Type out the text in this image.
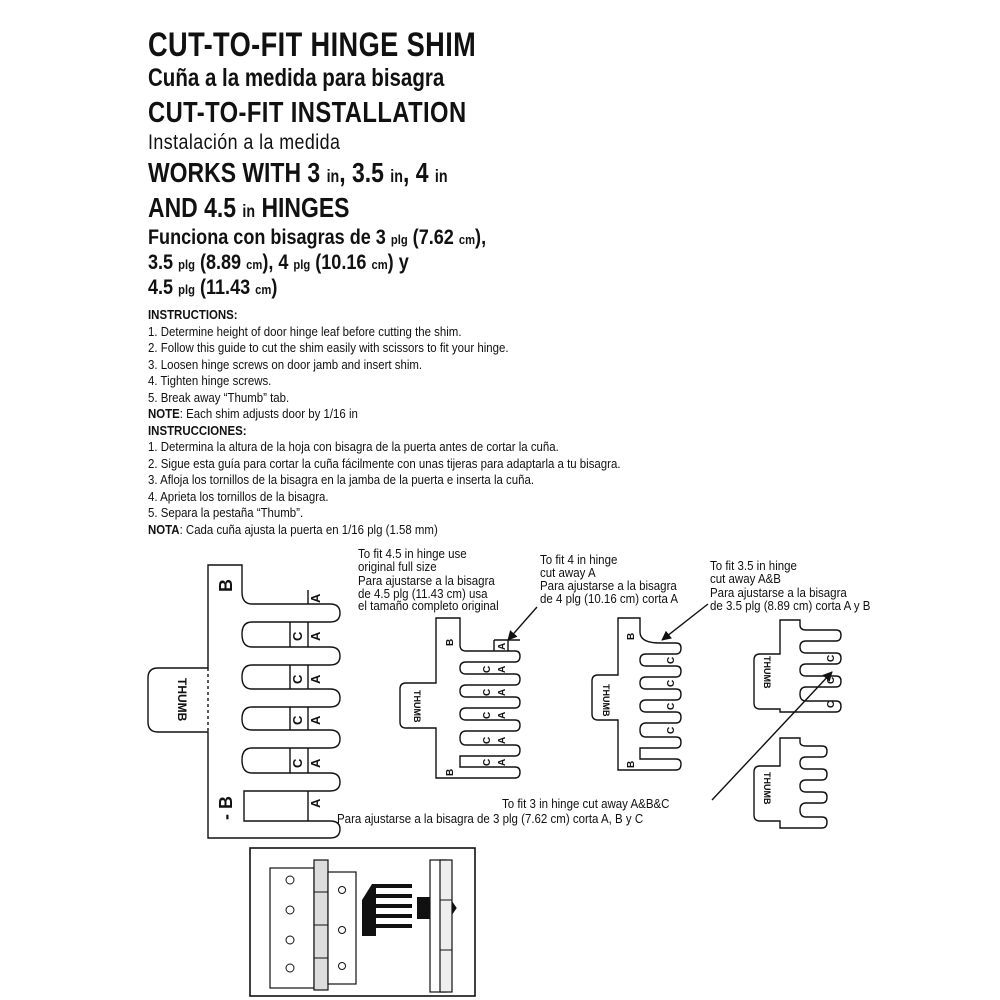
CUT-TO-FIT HINGE SHIM
Cuña a la medida para bisagra
CUT-TO-FIT INSTALLATION
Instalación a la medida
WORKS WITH 3 in, 3.5 in, 4 in
AND 4.5 in HINGES
Funciona con bisagras de 3 plg (7.62 cm),
3.5 plg (8.89 cm), 4 plg (10.16 cm) y
4.5 plg (11.43 cm)
INSTRUCTIONS:
1. Determine height of door hinge leaf before cutting the shim.
2. Follow this guide to cut the shim easily with scissors to fit your hinge.
3. Loosen hinge screws on door jamb and insert shim.
4. Tighten hinge screws.
5. Break away “Thumb” tab.
NOTE: Each shim adjusts door by 1/16 in
INSTRUCCIONES:
1. Determina la altura de la hoja con bisagra de la puerta antes de cortar la cuña.
2. Sigue esta guía para cortar la cuña fácilmente con unas tijeras para adaptarla a tu bisagra.
3. Afloja los tornillos de la bisagra en la jamba de la puerta e inserta la cuña.
4. Aprieta los tornillos de la bisagra.
5. Separa la pestaña “Thumb”.
NOTA: Cada cuña ajusta la puerta en 1/16 plg (1.58 mm)
To fit 4.5 in hinge use
original full size
Para ajustarse a la bisagra
de 4.5 plg (11.43 cm) usa
el tamaño completo original
To fit 4 in hinge
cut away A
Para ajustarse a la bisagra
de 4 plg (10.16 cm) corta A
To fit 3.5 in hinge
cut away A&B
Para ajustarse a la bisagra
de 3.5 plg (8.89 cm) corta A y B
To fit 3 in hinge cut away A&B&C
Para ajustarse a la bisagra de 3 plg (7.62 cm) corta A, B y C
B
- B
THUMB
A
C A
C A
C A
C A
A
B
B
THUMB
A
C A
C A
C A
C A
C A
B
B
THUMB
C
C
C
C
THUMB	C
C
C
THUMB
